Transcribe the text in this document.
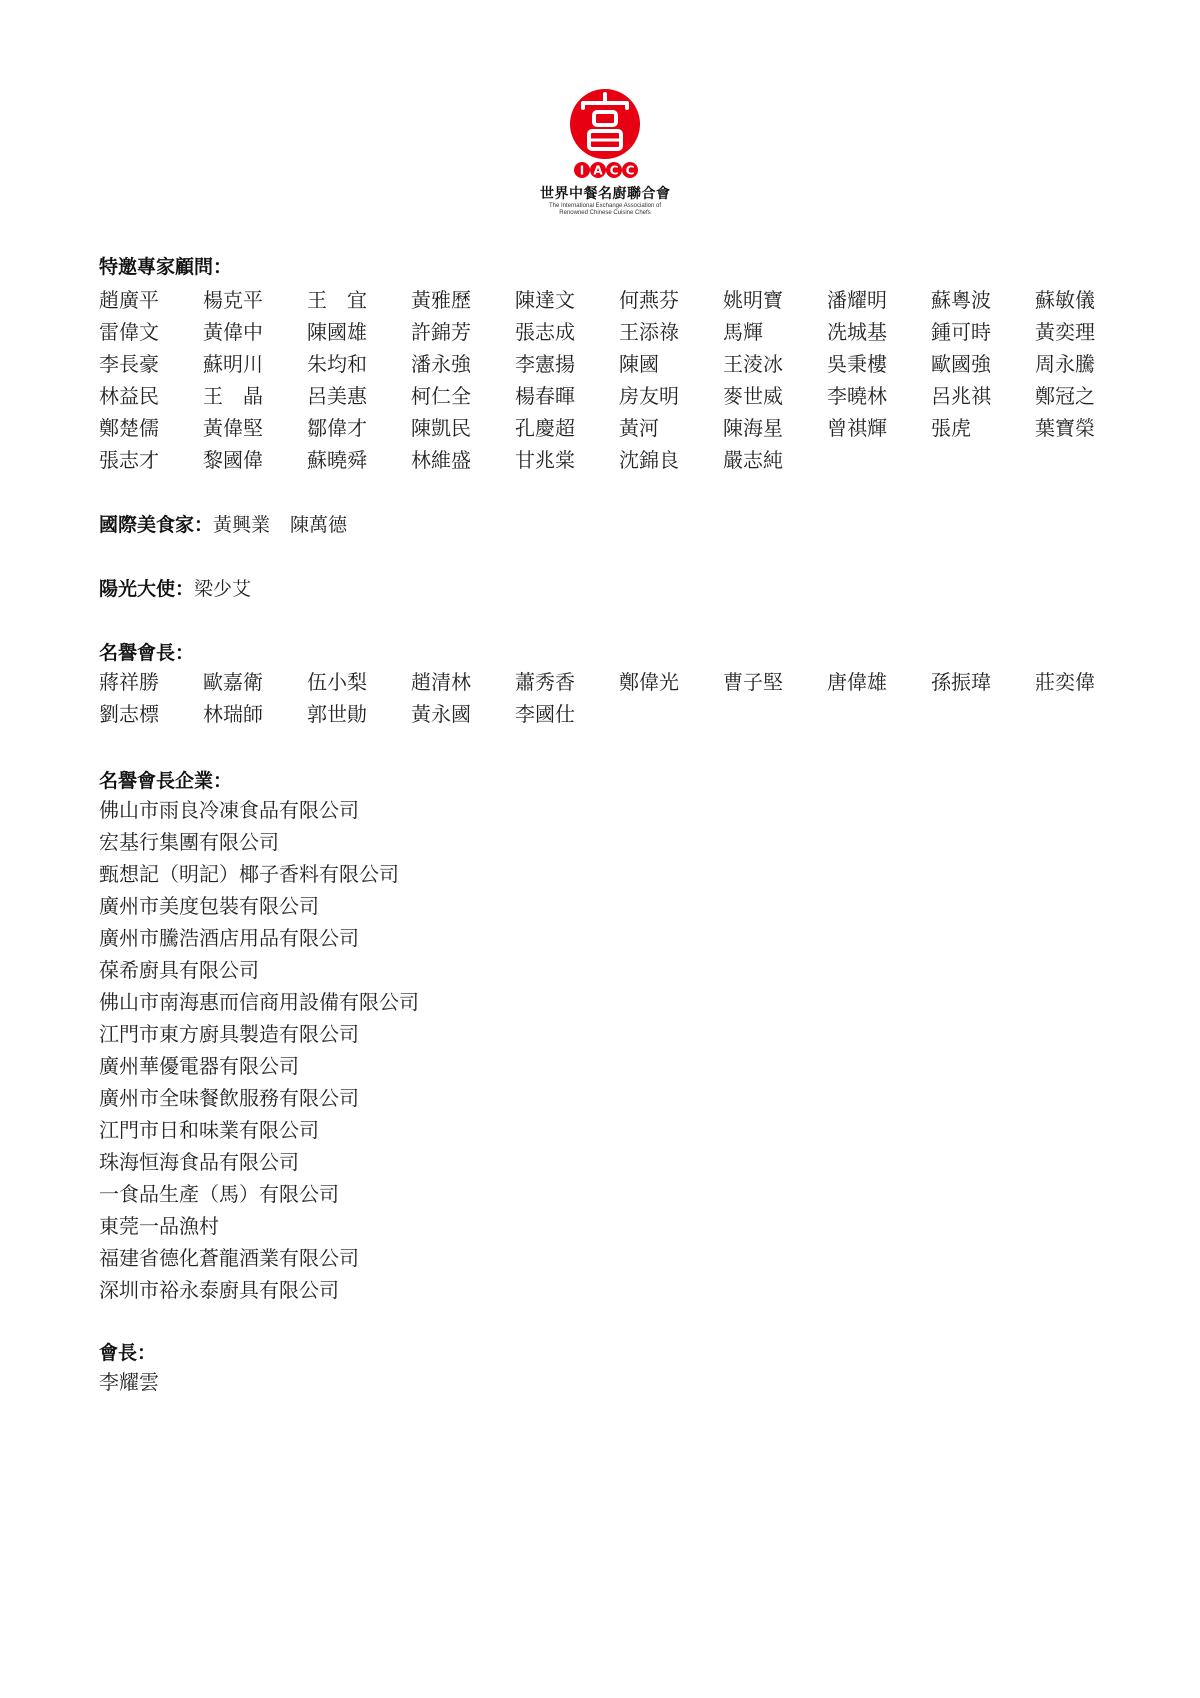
I A C C
世界中餐名廚聯合會
The International Exchange Association of
Renowned Chinese Cuisine Chefs
特邀專家顧問：
趙廣平	楊克平	王　宜	黃雅歷	陳達文	何燕芬	姚明寶	潘耀明	蘇粵波	蘇敏儀
雷偉文	黃偉中	陳國雄	許錦芳	張志成	王添祿	馬輝	冼城基	鍾可時	黃奕理
李長豪	蘇明川	朱均和	潘永強	李憲揚	陳國	王淩冰	吳秉樓	歐國強	周永騰
林益民	王　晶	呂美惠	柯仁全	楊春暉	房友明	麥世威	李曉林	呂兆祺	鄭冠之
鄭楚儒	黃偉堅	鄒偉才	陳凱民	孔慶超	黃河	陳海星	曾祺輝	張虎	葉寶榮
張志才	黎國偉	蘇曉舜	林維盛	甘兆棠	沈錦良	嚴志純
國際美食家：黃興業 陳萬德
陽光大使：梁少艾
名譽會長：
蔣祥勝	歐嘉衛	伍小梨	趙清林	蕭秀香	鄭偉光	曹子堅	唐偉雄	孫振瑋	莊奕偉
劉志標	林瑞師	郭世勛	黃永國	李國仕
名譽會長企業：
佛山市雨良冷凍食品有限公司
宏基行集團有限公司
甄想記（明記）椰子香料有限公司
廣州市美度包裝有限公司
廣州市騰浩酒店用品有限公司
葆希廚具有限公司
佛山市南海惠而信商用設備有限公司
江門市東方廚具製造有限公司
廣州華優電器有限公司
廣州市全味餐飲服務有限公司
江門市日和味業有限公司
珠海恒海食品有限公司
一食品生產（馬）有限公司
東莞一品漁村
福建省德化蒼龍酒業有限公司
深圳市裕永泰廚具有限公司
會長：
李耀雲
